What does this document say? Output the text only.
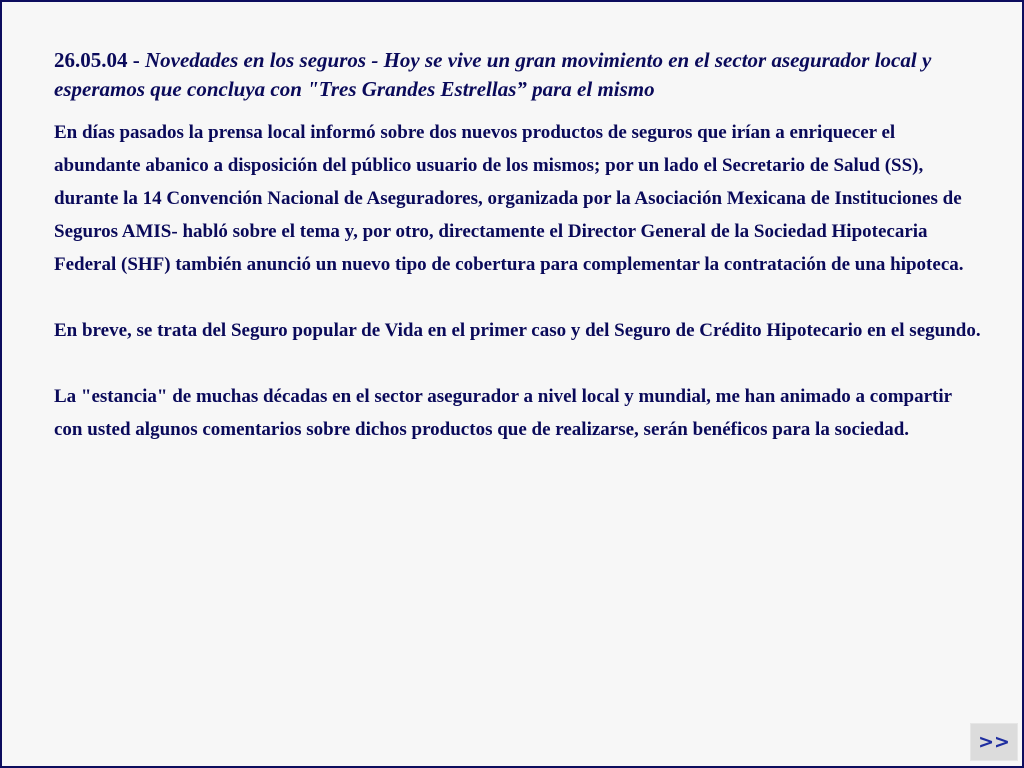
26.05.04 - Novedades en los seguros - Hoy se vive un gran movimiento en el sector asegurador local y esperamos que concluya con "Tres Grandes Estrellas” para el mismo

En días pasados la prensa local informó sobre dos nuevos productos de seguros que irían a enriquecer el abundante abanico a disposición del público usuario de los mismos; por un lado el Secretario de Salud (SS), durante la 14 Convención Nacional de Aseguradores, organizada por la Asociación Mexicana de Instituciones de Seguros AMIS- habló sobre el tema y, por otro, directamente el Director General de la Sociedad Hipotecaria Federal (SHF) también anunció un nuevo tipo de cobertura para complementar la contratación de una hipoteca.

En breve, se trata del Seguro popular de Vida en el primer caso y del Seguro de Crédito Hipotecario en el segundo.

La "estancia" de muchas décadas en el sector asegurador a nivel local y mundial, me han animado a compartir con usted algunos comentarios sobre dichos productos que de realizarse, serán benéficos para la sociedad.

>>
